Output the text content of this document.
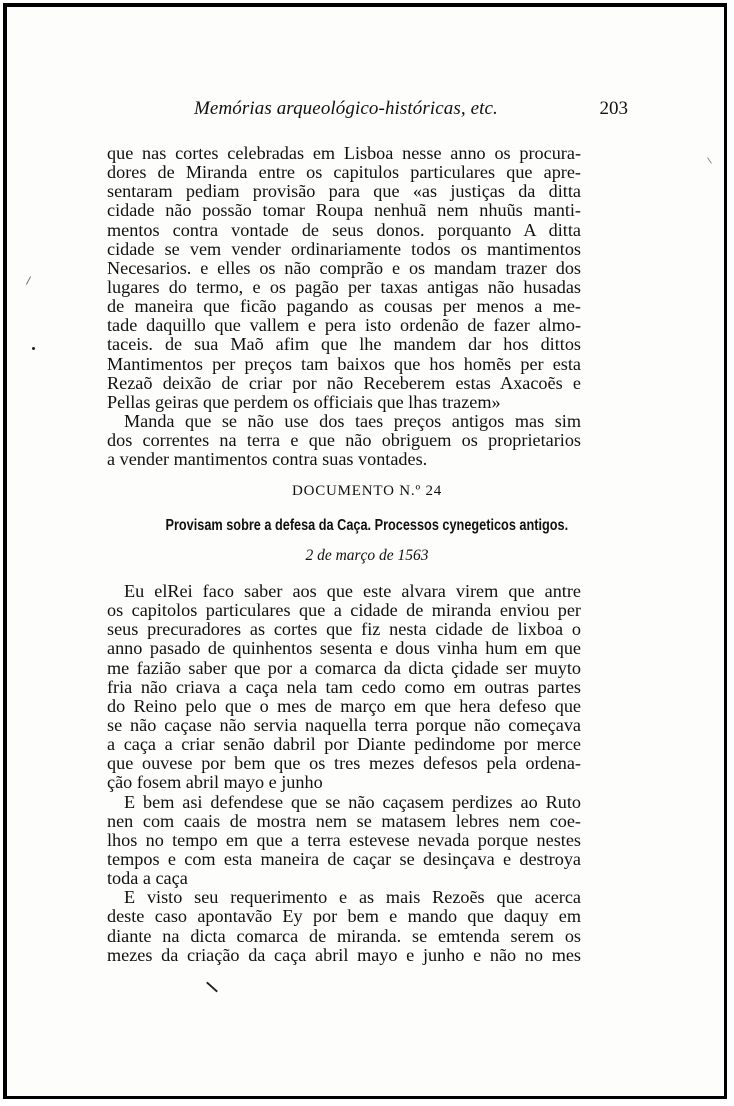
Memórias arqueológico-históricas, etc.	203
que nas cortes celebradas em Lisboa nesse anno os procura-
dores de Miranda entre os capitulos particulares que apre-
sentaram pediam provisão para que «as justiças da ditta
cidade não possão tomar Roupa nenhuã nem nhuũs manti-
mentos contra vontade de seus donos. porquanto A ditta
cidade se vem vender ordinariamente todos os mantimentos
Necesarios. e elles os não comprão e os mandam trazer dos
lugares do termo, e os pagão per taxas antigas não husadas
de maneira que ficão pagando as cousas per menos a me-
tade daquillo que vallem e pera isto ordenão de fazer almo-
taceis. de sua Maõ afim que lhe mandem dar hos dittos
Mantimentos per preços tam baixos que hos homẽs per esta
Rezaõ deixão de criar por não Receberem estas Axacoẽs e
Pellas geiras que perdem os officiais que lhas trazem»
Manda que se não use dos taes preços antigos mas sim
dos correntes na terra e que não obriguem os proprietarios
a vender mantimentos contra suas vontades.
DOCUMENTO N.º 24
Provisam sobre a defesa da Caça. Processos cynegeticos antigos.
2 de março de 1563
Eu elRei faco saber aos que este alvara virem que antre
os capitolos particulares que a cidade de miranda enviou per
seus precuradores as cortes que fiz nesta cidade de lixboa o
anno pasado de quinhentos sesenta e dous vinha hum em que
me fazião saber que por a comarca da dicta çidade ser muyto
fria não criava a caça nela tam cedo como em outras partes
do Reino pelo que o mes de março em que hera defeso que
se não caçase não servia naquella terra porque não começava
a caça a criar senão dabril por Diante pedindome por merce
que ouvese por bem que os tres mezes defesos pela ordena-
ção fosem abril mayo e junho
E bem asi defendese que se não caçasem perdizes ao Ruto
nen com caais de mostra nem se matasem lebres nem coe-
lhos no tempo em que a terra estevese nevada porque nestes
tempos e com esta maneira de caçar se desinçava e destroya
toda a caça
E visto seu requerimento e as mais Rezoẽs que acerca
deste caso apontavão Ey por bem e mando que daquy em
diante na dicta comarca de miranda. se emtenda serem os
mezes da criação da caça abril mayo e junho e não no mes
